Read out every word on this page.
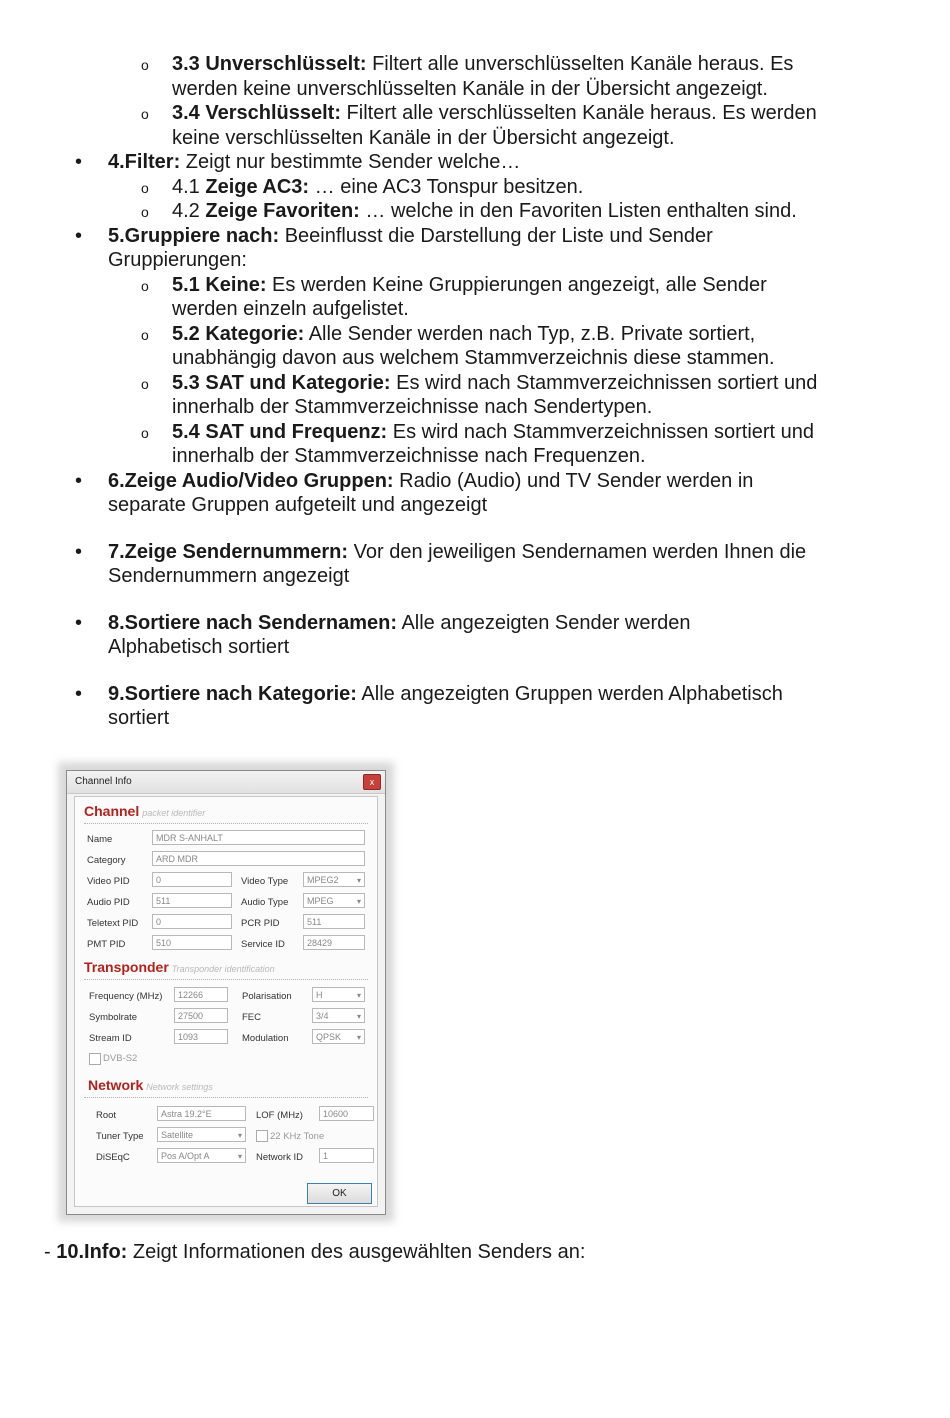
o 3.3 Unverschlüsselt: Filtert alle unverschlüsselten Kanäle heraus. Es werden keine unverschlüsselten Kanäle in der Übersicht angezeigt.
o 3.4 Verschlüsselt: Filtert alle verschlüsselten Kanäle heraus. Es werden keine verschlüsselten Kanäle in der Übersicht angezeigt.
• 4.Filter: Zeigt nur bestimmte Sender welche…
o 4.1 Zeige AC3: … eine AC3 Tonspur besitzen.
o 4.2 Zeige Favoriten: … welche in den Favoriten Listen enthalten sind.
• 5.Gruppiere nach: Beeinflusst die Darstellung der Liste und Sender Gruppierungen:
o 5.1 Keine: Es werden Keine Gruppierungen angezeigt, alle Sender werden einzeln aufgelistet.
o 5.2 Kategorie: Alle Sender werden nach Typ, z.B. Private sortiert, unabhängig davon aus welchem Stammverzeichnis diese stammen.
o 5.3 SAT und Kategorie: Es wird nach Stammverzeichnissen sortiert und innerhalb der Stammverzeichnisse nach Sendertypen.
o 5.4 SAT und Frequenz: Es wird nach Stammverzeichnissen sortiert und innerhalb der Stammverzeichnisse nach Frequenzen.
• 6.Zeige Audio/Video Gruppen: Radio (Audio) und TV Sender werden in separate Gruppen aufgeteilt und angezeigt
• 7.Zeige Sendernummern: Vor den jeweiligen Sendernamen werden Ihnen die Sendernummern angezeigt
• 8.Sortiere nach Sendernamen: Alle angezeigten Sender werden Alphabetisch sortiert
• 9.Sortiere nach Kategorie: Alle angezeigten Gruppen werden Alphabetisch sortiert
Channel Info	x
Channel packet identifier
Name	MDR S-ANHALT
Category	ARD MDR
Video PID	0	Video Type	MPEG2 ▾
Audio PID	511	Audio Type	MPEG ▾
Teletext PID	0	PCR PID	511
PMT PID	510	Service ID	28429
Transponder Transponder identification
Frequency (MHz)	12266	Polarisation	H ▾
Symbolrate	27500	FEC	3/4 ▾
Stream ID	1093	Modulation	QPSK ▾
DVB-S2
Network Network settings
Root	Astra 19.2°E	LOF (MHz)	10600
Tuner Type	Satellite ▾	22 KHz Tone
DiSEqC	Pos A/Opt A ▾	Network ID	1
OK
- 10.Info: Zeigt Informationen des ausgewählten Senders an:
